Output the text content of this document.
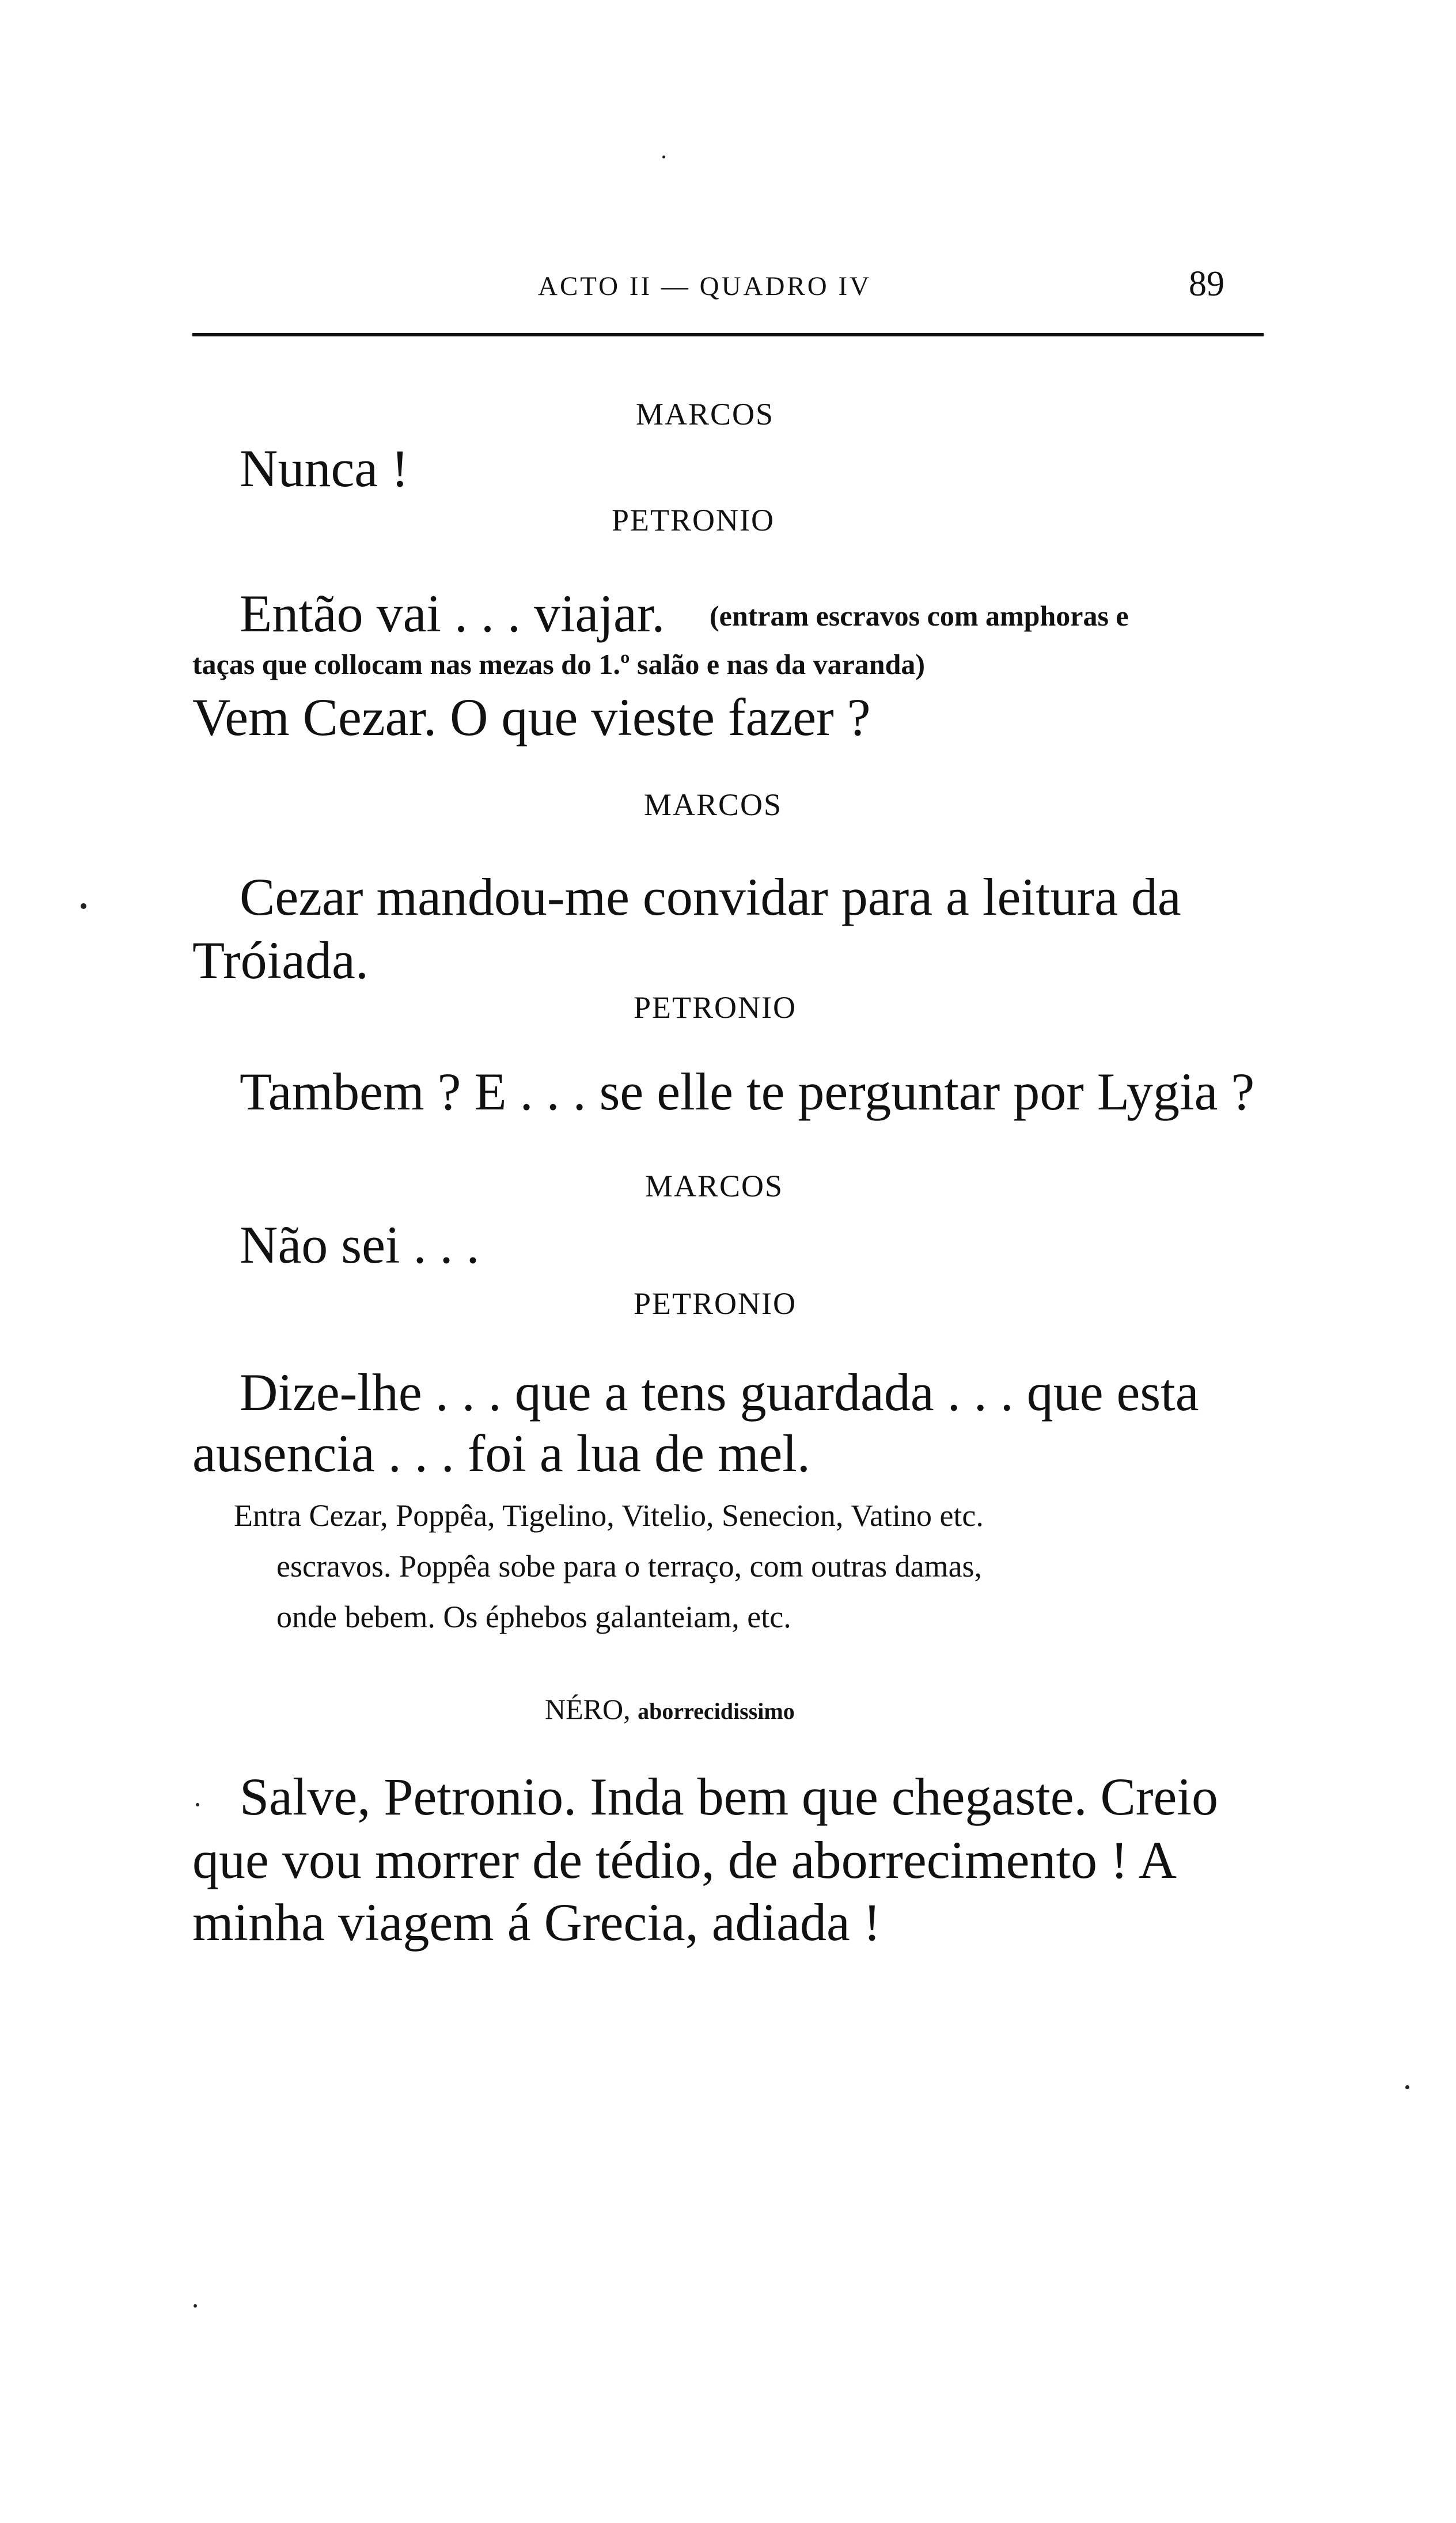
ACTO II — QUADRO IV	89
MARCOS
Nunca !
PETRONIO
Então vai . . . viajar. (entram escravos com amphoras e
taças que collocam nas mezas do 1.º salão e nas da varanda)
Vem Cezar. O que vieste fazer ?
MARCOS
Cezar mandou-me convidar para a leitura da
Tróiada.
PETRONIO
Tambem ? E . . . se elle te perguntar por Lygia ?
MARCOS
Não sei . . .
PETRONIO
Dize-lhe . . . que a tens guardada . . . que esta
ausencia . . . foi a lua de mel.
Entra Cezar, Poppêa, Tigelino, Vitelio, Senecion, Vatino etc.
escravos. Poppêa sobe para o terraço, com outras damas,
onde bebem. Os éphebos galanteiam, etc.
NÉRO, aborrecidissimo
Salve, Petronio. Inda bem que chegaste. Creio
que vou morrer de tédio, de aborrecimento ! A
minha viagem á Grecia, adiada !
